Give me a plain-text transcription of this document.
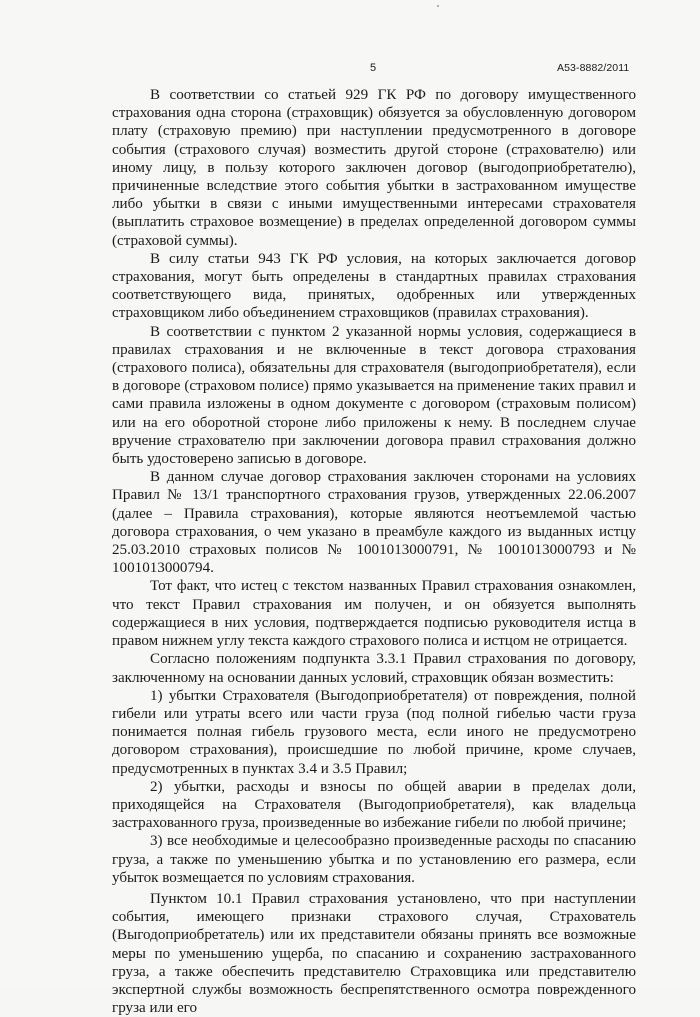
5	А53-8882/2011

В соответствии со статьей 929 ГК РФ по договору имущественного страхования одна сторона (страховщик) обязуется за обусловленную договором плату (страховую премию) при наступлении предусмотренного в договоре события (страхового случая) возместить другой стороне (страхователю) или иному лицу, в пользу которого заключен договор (выгодоприобретателю), причиненные вследствие этого события убытки в застрахованном имуществе либо убытки в связи с иными имущественными интересами страхователя (выплатить страховое возмещение) в пределах определенной договором суммы (страховой суммы).

В силу статьи 943 ГК РФ условия, на которых заключается договор страхования, могут быть определены в стандартных правилах страхования соответствующего вида, принятых, одобренных или утвержденных страховщиком либо объединением страховщиков (правилах страхования).

В соответствии с пунктом 2 указанной нормы условия, содержащиеся в правилах страхования и не включенные в текст договора страхования (страхового полиса), обязательны для страхователя (выгодоприобретателя), если в договоре (страховом полисе) прямо указывается на применение таких правил и сами правила изложены в одном документе с договором (страховым полисом) или на его оборотной стороне либо приложены к нему. В последнем случае вручение страхователю при заключении договора правил страхования должно быть удостоверено записью в договоре.

В данном случае договор страхования заключен сторонами на условиях Правил № 13/1 транспортного страхования грузов, утвержденных 22.06.2007 (далее – Правила страхования), которые являются неотъемлемой частью договора страхования, о чем указано в преамбуле каждого из выданных истцу 25.03.2010 страховых полисов № 1001013000791, № 1001013000793 и № 1001013000794.

Тот факт, что истец с текстом названных Правил страхования ознакомлен, что текст Правил страхования им получен, и он обязуется выполнять содержащиеся в них условия, подтверждается подписью руководителя истца в правом нижнем углу текста каждого страхового полиса и истцом не отрицается.

Согласно положениям подпункта 3.3.1 Правил страхования по договору, заключенному на основании данных условий, страховщик обязан возместить:

1) убытки Страхователя (Выгодоприобретателя) от повреждения, полной гибели или утраты всего или части груза (под полной гибелью части груза понимается полная гибель грузового места, если иного не предусмотрено договором страхования), происшедшие по любой причине, кроме случаев, предусмотренных в пунктах 3.4 и 3.5 Правил;

2) убытки, расходы и взносы по общей аварии в пределах доли, приходящейся на Страхователя (Выгодоприобретателя), как владельца застрахованного груза, произведенные во избежание гибели по любой причине;

3) все необходимые и целесообразно произведенные расходы по спасанию груза, а также по уменьшению убытка и по установлению его размера, если убыток возмещается по условиям страхования.

Пунктом 10.1 Правил страхования установлено, что при наступлении события, имеющего признаки страхового случая, Страхователь (Выгодоприобретатель) или их представители обязаны принять все возможные меры по уменьшению ущерба, по спасанию и сохранению застрахованного груза, а также обеспечить представителю Страховщика или представителю экспертной службы возможность беспрепятственного осмотра поврежденного груза или его
